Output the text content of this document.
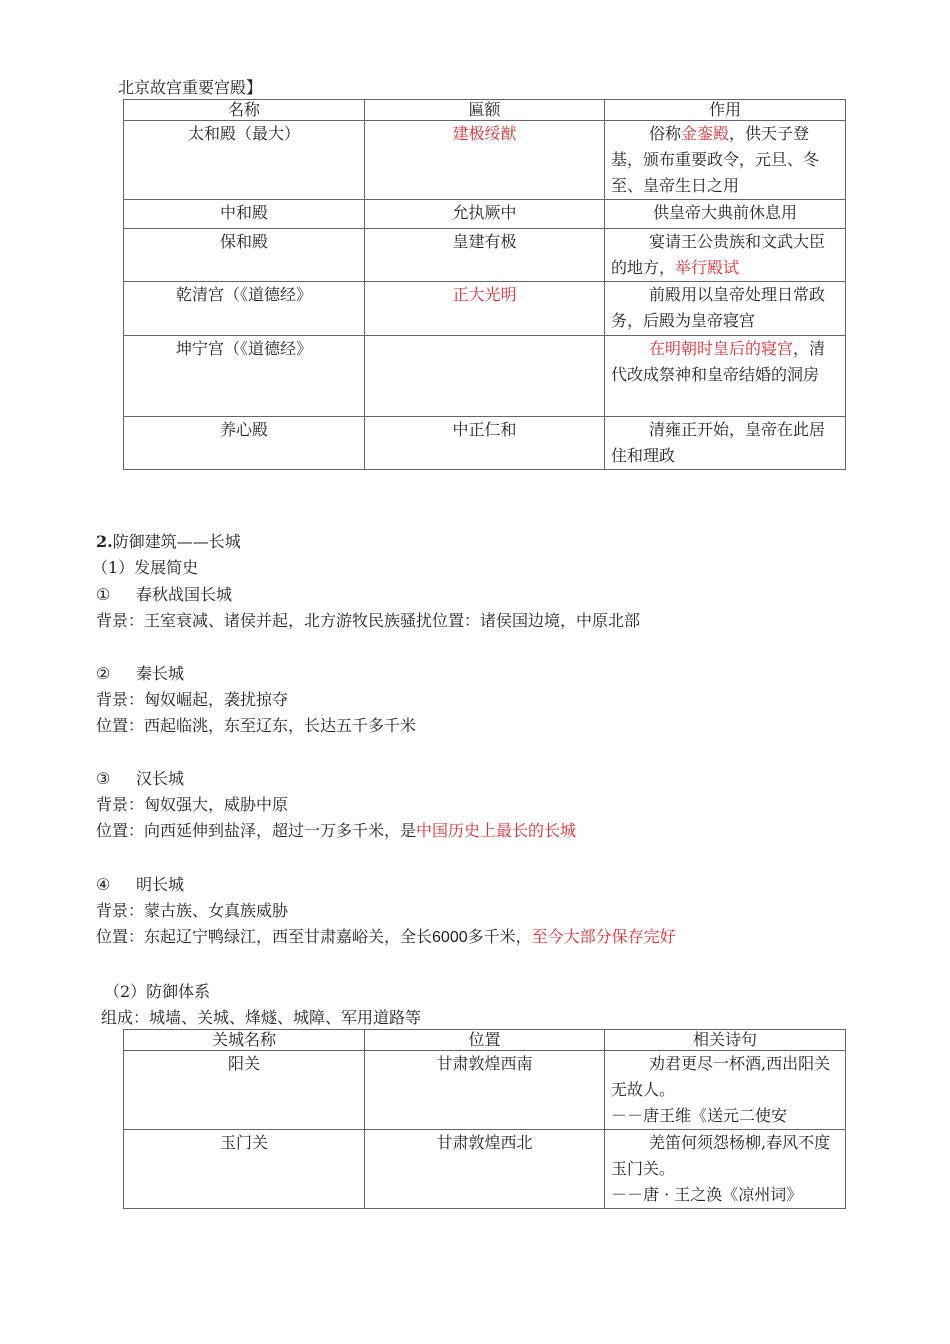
北京故宫重要宫殿】
名称	匾额	作用
太和殿（最大）	建极绥猷	俗称金銮殿，供天子登基，颁布重要政令，元旦、冬至、皇帝生日之用
中和殿	允执厥中	供皇帝大典前休息用
保和殿	皇建有极	宴请王公贵族和文武大臣的地方，举行殿试
乾清宫（《道德经》	正大光明	前殿用以皇帝处理日常政务，后殿为皇帝寝宫
坤宁宫（《道德经》		在明朝时皇后的寝宫，清代改成祭神和皇帝结婚的洞房
养心殿	中正仁和	清雍正开始，皇帝在此居住和理政
2.防御建筑——长城
（1）发展简史
① 春秋战国长城
背景：王室衰减、诸侯并起，北方游牧民族骚扰位置：诸侯国边境，中原北部
② 秦长城
背景：匈奴崛起，袭扰掠夺
位置：西起临洮，东至辽东，长达五千多千米
③ 汉长城
背景：匈奴强大，威胁中原
位置：向西延伸到盐泽，超过一万多千米，是中国历史上最长的长城
④ 明长城
背景：蒙古族、女真族威胁
位置：东起辽宁鸭绿江，西至甘肃嘉峪关，全长6000多千米，至今大部分保存完好
（2）防御体系
组成：城墙、关城、烽燧、城障、军用道路等
关城名称	位置	相关诗句
阳关	甘肃敦煌西南	劝君更尽一杯酒,西出阳关无故人。
－－唐王维《送元二使安

玉门关	甘肃敦煌西北	羌笛何须怨杨柳,春风不度玉门关。
－－唐 · 王之涣《凉州词》
